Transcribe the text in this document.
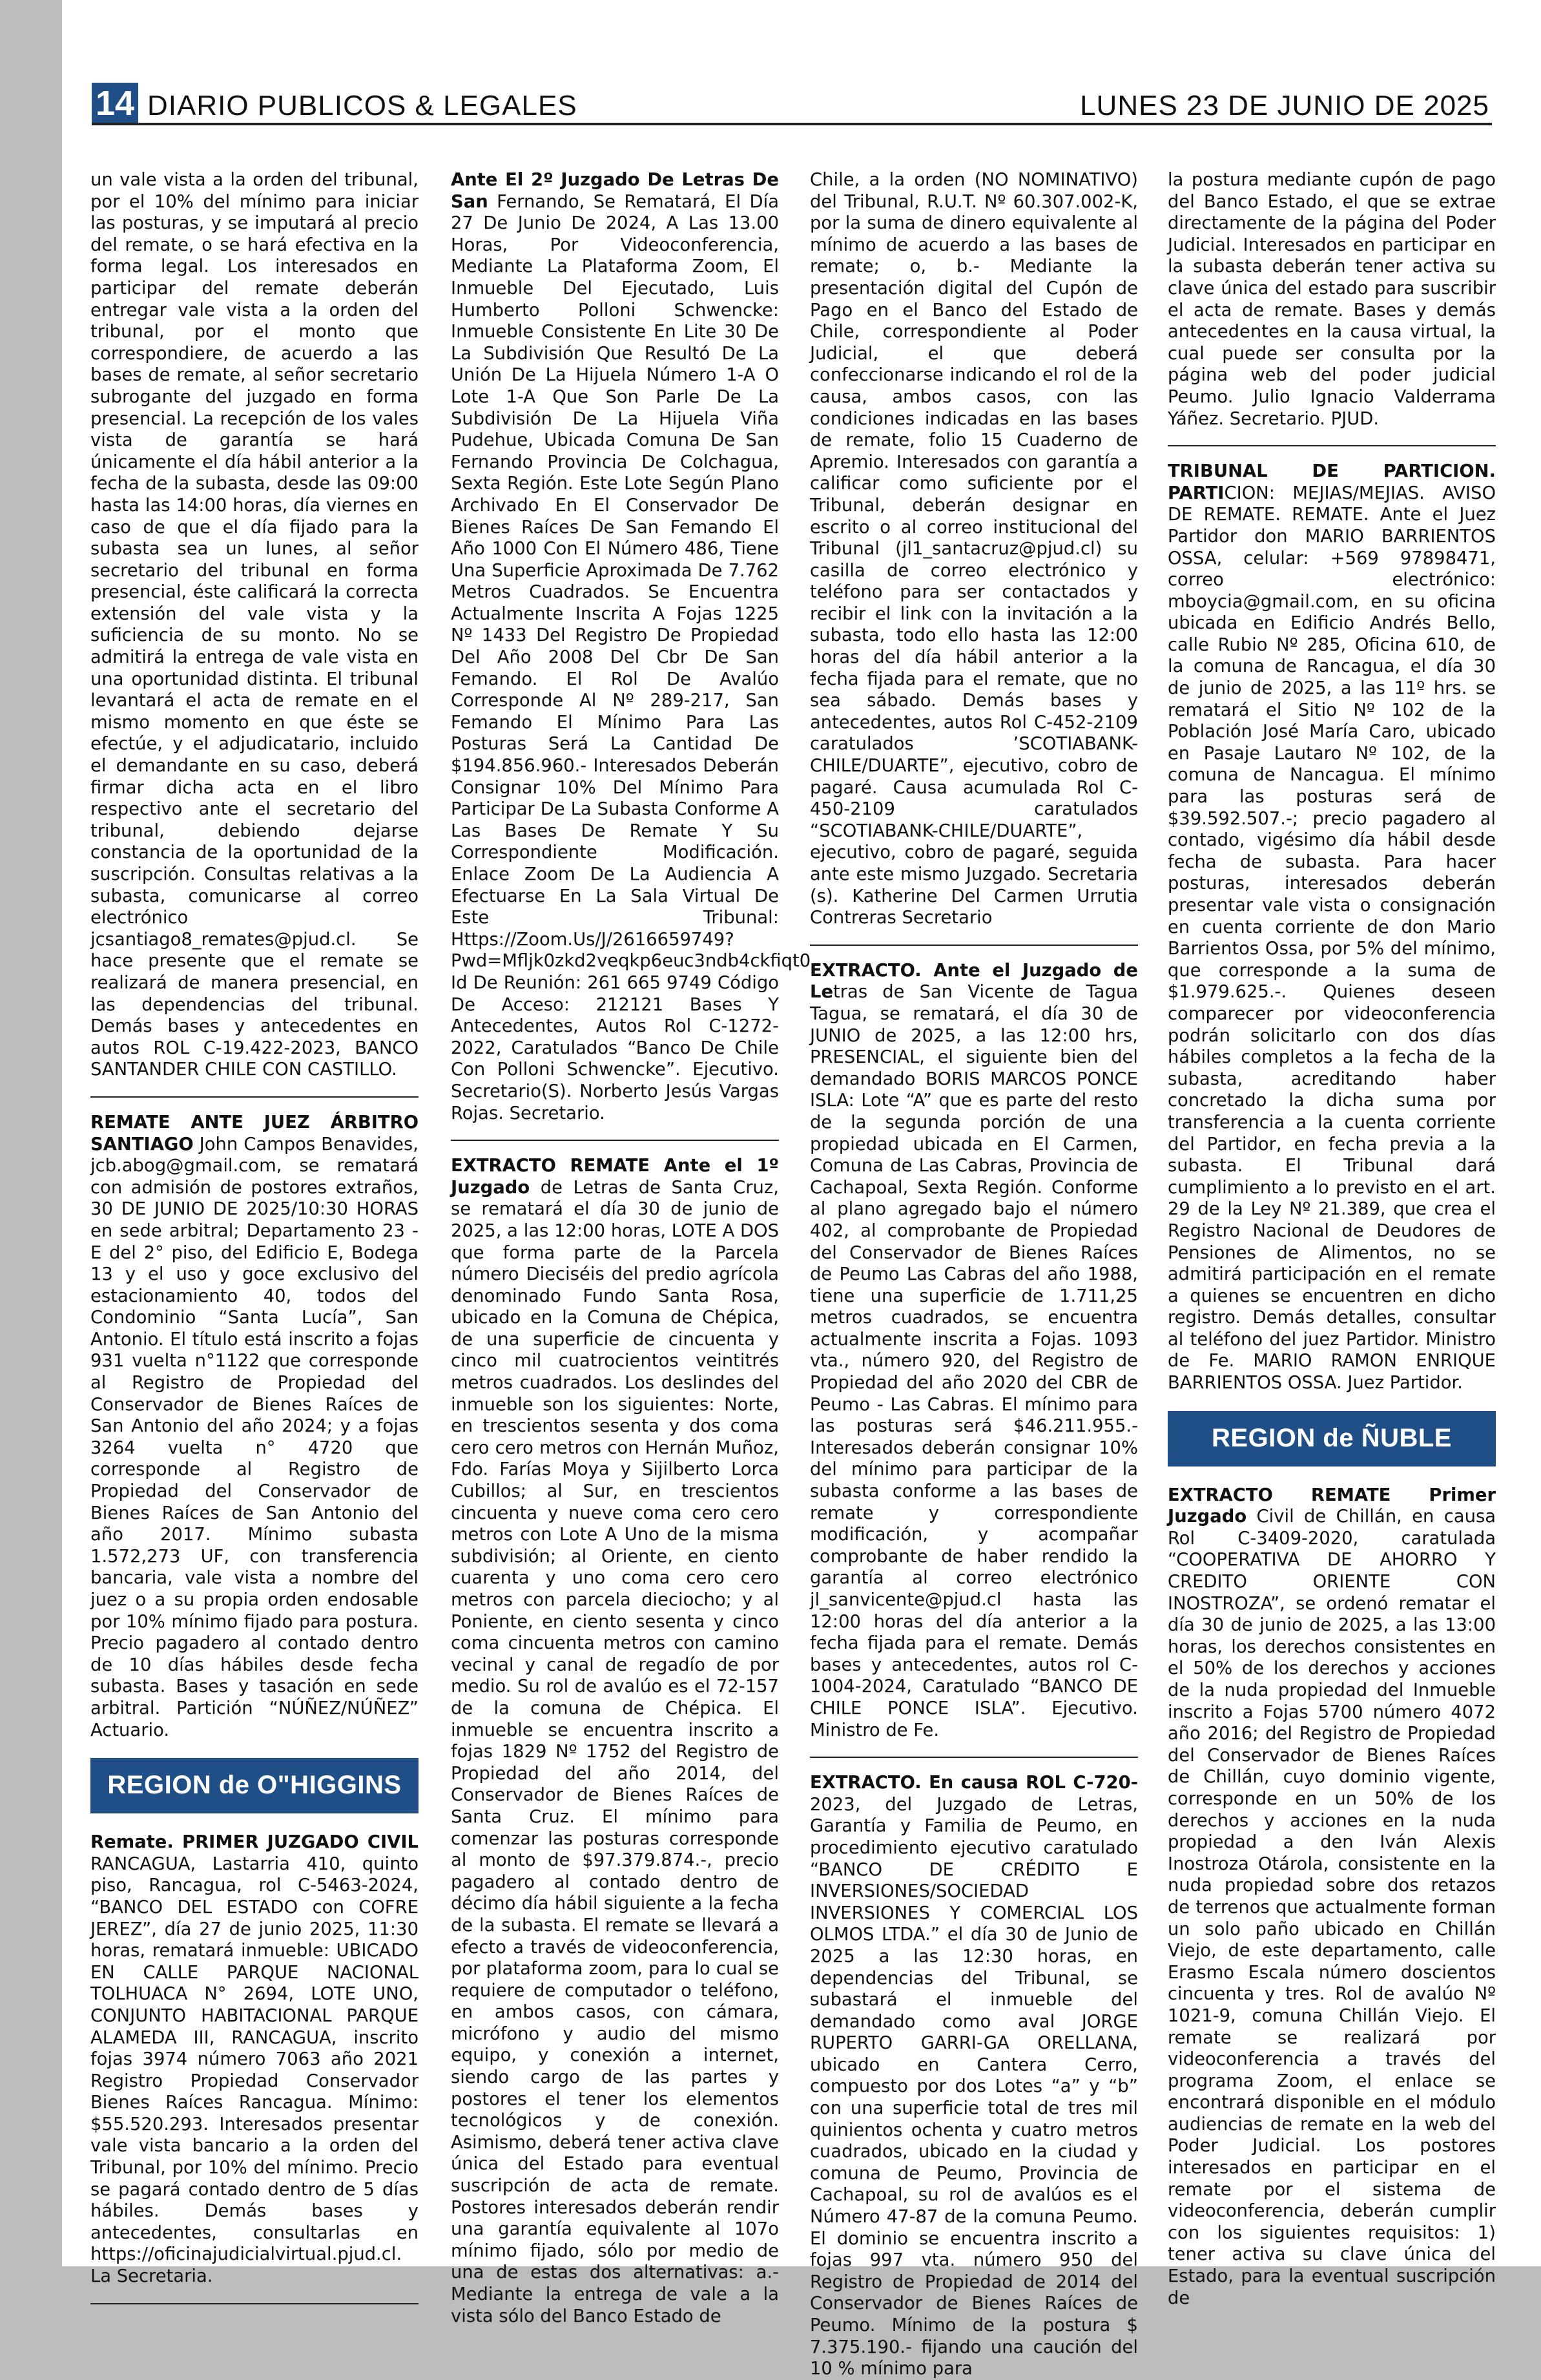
14 DIARIO PUBLICOS & LEGALES	LUNES 23 DE JUNIO DE 2025

un vale vista a la orden del tribunal, por el 10% del mínimo para iniciar las posturas, y se imputará al precio del remate, o se hará efectiva en la forma legal. Los interesados en participar del remate deberán entregar vale vista a la orden del tribunal, por el monto que correspondiere, de acuerdo a las bases de remate, al señor secretario subrogante del juzgado en forma presencial. La recepción de los vales vista de garantía se hará únicamente el día hábil anterior a la fecha de la subasta, desde las 09:00 hasta las 14:00 horas, día viernes en caso de que el día fijado para la subasta sea un lunes, al señor secretario del tribunal en forma presencial, éste calificará la correcta extensión del vale vista y la suficiencia de su monto. No se admitirá la entrega de vale vista en una oportunidad distinta. El tribunal levantará el acta de remate en el mismo momento en que éste se efectúe, y el adjudicatario, incluido el demandante en su caso, deberá firmar dicha acta en el libro respectivo ante el secretario del tribunal, debiendo dejarse constancia de la oportunidad de la suscripción. Consultas relativas a la subasta, comunicarse al correo electrónico jcsantiago8_remates@pjud.cl. Se hace presente que el remate se realizará de manera presencial, en las dependencias del tribunal. Demás bases y antecedentes en autos ROL C-19.422-2023, BANCO SANTANDER CHILE CON CASTILLO.

REMATE ANTE JUEZ ÁRBITRO SANTIAGO John Campos Benavides, jcb.abog@gmail.com, se rematará con admisión de postores extraños, 30 DE JUNIO DE 2025/10:30 HORAS en sede arbitral; Departamento 23 - E del 2° piso, del Edificio E, Bodega 13 y el uso y goce exclusivo del estacionamiento 40, todos del Condominio “Santa Lucía”, San Antonio. El título está inscrito a fojas 931 vuelta n°1122 que corresponde al Registro de Propiedad del Conservador de Bienes Raíces de San Antonio del año 2024; y a fojas 3264 vuelta n° 4720 que corresponde al Registro de Propiedad del Conservador de Bienes Raíces de San Antonio del año 2017. Mínimo subasta 1.572,273 UF, con transferencia bancaria, vale vista a nombre del juez o a su propia orden endosable por 10% mínimo fijado para postura. Precio pagadero al contado dentro de 10 días hábiles desde fecha subasta. Bases y tasación en sede arbitral. Partición “NÚÑEZ/NÚÑEZ” Actuario.

REGION de O"HIGGINS

Remate. PRIMER JUZGADO CIVIL RANCAGUA, Lastarria 410, quinto piso, Rancagua, rol C-5463-2024, “BANCO DEL ESTADO con COFRE JEREZ”, día 27 de junio 2025, 11:30 horas, rematará inmueble: UBICADO EN CALLE PARQUE NACIONAL TOLHUACA N° 2694, LOTE UNO, CONJUNTO HABITACIONAL PARQUE ALAMEDA III, RANCAGUA, inscrito fojas 3974 número 7063 año 2021 Registro Propiedad Conservador Bienes Raíces Rancagua. Mínimo: $55.520.293. Interesados presentar vale vista bancario a la orden del Tribunal, por 10% del mínimo. Precio se pagará contado dentro de 5 días hábiles. Demás bases y antecedentes, consultarlas en https://oficinajudicialvirtual.pjud.cl. La Secretaria.

Ante El 2º Juzgado De Letras De San Fernando, Se Rematará, El Día 27 De Junio De 2024, A Las 13.00 Horas, Por Videoconferencia, Mediante La Plataforma Zoom, El Inmueble Del Ejecutado, Luis Humberto Polloni Schwencke: Inmueble Consistente En Lite 30 De La Subdivisión Que Resultó De La Unión De La Hijuela Número 1-A O Lote 1-A Que Son Parle De La Subdivisión De La Hijuela Viña Pudehue, Ubicada Comuna De San Fernando Provincia De Colchagua, Sexta Región. Este Lote Según Plano Archivado En El Conservador De Bienes Raíces De San Femando El Año 1000 Con El Número 486, Tiene Una Superficie Aproximada De 7.762 Metros Cuadrados. Se Encuentra Actualmente Inscrita A Fojas 1225 Nº 1433 Del Registro De Propiedad Del Año 2008 Del Cbr De San Femando. El Rol De Avalúo Corresponde Al Nº 289-217, San Femando El Mínimo Para Las Posturas Será La Cantidad De $194.856.960.- Interesados Deberán Consignar 10% Del Mínimo Para Participar De La Subasta Conforme A Las Bases De Remate Y Su Correspondiente Modificación. Enlace Zoom De La Audiencia A Efectuarse En La Sala Virtual De Este Tribunal: Https://Zoom.Us/J/2616659749?Pwd=Mfljk0zkd2veqkp6euc3ndb4ckfiqt0 Id De Reunión: 261 665 9749 Código De Acceso: 212121 Bases Y Antecedentes, Autos Rol C-1272-2022, Caratulados “Banco De Chile Con Polloni Schwencke”. Ejecutivo. Secretario(S). Norberto Jesús Vargas Rojas. Secretario.

EXTRACTO REMATE Ante el 1º Juzgado de Letras de Santa Cruz, se rematará el día 30 de junio de 2025, a las 12:00 horas, LOTE A DOS que forma parte de la Parcela número Dieciséis del predio agrícola denominado Fundo Santa Rosa, ubicado en la Comuna de Chépica, de una superficie de cincuenta y cinco mil cuatrocientos veintitrés metros cuadrados. Los deslindes del inmueble son los siguientes: Norte, en trescientos sesenta y dos coma cero cero metros con Hernán Muñoz, Fdo. Farías Moya y Sijilberto Lorca Cubillos; al Sur, en trescientos cincuenta y nueve coma cero cero metros con Lote A Uno de la misma subdivisión; al Oriente, en ciento cuarenta y uno coma cero cero metros con parcela dieciocho; y al Poniente, en ciento sesenta y cinco coma cincuenta metros con camino vecinal y canal de regadío de por medio. Su rol de avalúo es el 72-157 de la comuna de Chépica. El inmueble se encuentra inscrito a fojas 1829 Nº 1752 del Registro de Propiedad del año 2014, del Conservador de Bienes Raíces de Santa Cruz. El mínimo para comenzar las posturas corresponde al monto de $97.379.874.-, precio pagadero al contado dentro de décimo día hábil siguiente a la fecha de la subasta. El remate se llevará a efecto a través de videoconferencia, por plataforma zoom, para lo cual se requiere de computador o teléfono, en ambos casos, con cámara, micrófono y audio del mismo equipo, y conexión a internet, siendo cargo de las partes y postores el tener los elementos tecnológicos y de conexión. Asimismo, deberá tener activa clave única del Estado para eventual suscripción de acta de remate. Postores interesados deberán rendir una garantía equivalente al 107o mínimo fijado, sólo por medio de una de estas dos alternativas: a.- Mediante la entrega de vale a la vista sólo del Banco Estado de

Chile, a la orden (NO NOMINATIVO) del Tribunal, R.U.T. Nº 60.307.002-K, por la suma de dinero equivalente al mínimo de acuerdo a las bases de remate; o, b.- Mediante la presentación digital del Cupón de Pago en el Banco del Estado de Chile, correspondiente al Poder Judicial, el que deberá confeccionarse indicando el rol de la causa, ambos casos, con las condiciones indicadas en las bases de remate, folio 15 Cuaderno de Apremio. Interesados con garantía a calificar como suficiente por el Tribunal, deberán designar en escrito o al correo institucional del Tribunal (jl1_santacruz@pjud.cl) su casilla de correo electrónico y teléfono para ser contactados y recibir el link con la invitación a la subasta, todo ello hasta las 12:00 horas del día hábil anterior a la fecha fijada para el remate, que no sea sábado. Demás bases y antecedentes, autos Rol C-452-2109 caratulados ’SCOTIABANK-CHILE/DUARTE”, ejecutivo, cobro de pagaré. Causa acumulada Rol C-450-2109 caratulados “SCOTIABANK-CHILE/DUARTE”, ejecutivo, cobro de pagaré, seguida ante este mismo Juzgado. Secretaria (s). Katherine Del Carmen Urrutia Contreras Secretario

EXTRACTO. Ante el Juzgado de Letras de San Vicente de Tagua Tagua, se rematará, el día 30 de JUNIO de 2025, a las 12:00 hrs, PRESENCIAL, el siguiente bien del demandado BORIS MARCOS PONCE ISLA: Lote “A” que es parte del resto de la segunda porción de una propiedad ubicada en El Carmen, Comuna de Las Cabras, Provincia de Cachapoal, Sexta Región. Conforme al plano agregado bajo el número 402, al comprobante de Propiedad del Conservador de Bienes Raíces de Peumo Las Cabras del año 1988, tiene una superficie de 1.711,25 metros cuadrados, se encuentra actualmente inscrita a Fojas. 1093 vta., número 920, del Registro de Propiedad del año 2020 del CBR de Peumo - Las Cabras. El mínimo para las posturas será $46.211.955.- Interesados deberán consignar 10% del mínimo para participar de la subasta conforme a las bases de remate y correspondiente modificación, y acompañar comprobante de haber rendido la garantía al correo electrónico jl_sanvicente@pjud.cl hasta las 12:00 horas del día anterior a la fecha fijada para el remate. Demás bases y antecedentes, autos rol C-1004-2024, Caratulado “BANCO DE CHILE PONCE ISLA”. Ejecutivo. Ministro de Fe.

EXTRACTO. En causa ROL C-720-2023, del Juzgado de Letras, Garantía y Familia de Peumo, en procedimiento ejecutivo caratulado “BANCO DE CRÉDITO E INVERSIONES/SOCIEDAD INVERSIONES Y COMERCIAL LOS OLMOS LTDA.” el día 30 de Junio de 2025 a las 12:30 horas, en dependencias del Tribunal, se subastará el inmueble del demandado como aval JORGE RUPERTO GARRI-GA ORELLANA, ubicado en Cantera Cerro, compuesto por dos Lotes “a” y “b” con una superficie total de tres mil quinientos ochenta y cuatro metros cuadrados, ubicado en la ciudad y comuna de Peumo, Provincia de Cachapoal, su rol de avalúos es el Número 47-87 de la comuna Peumo. El dominio se encuentra inscrito a fojas 997 vta. número 950 del Registro de Propiedad de 2014 del Conservador de Bienes Raíces de Peumo. Mínimo de la postura $ 7.375.190.- fijando una caución del 10 % mínimo para

la postura mediante cupón de pago del Banco Estado, el que se extrae directamente de la página del Poder Judicial. Interesados en participar en la subasta deberán tener activa su clave única del estado para suscribir el acta de remate. Bases y demás antecedentes en la causa virtual, la cual puede ser consulta por la página web del poder judicial Peumo. Julio Ignacio Valderrama Yáñez. Secretario. PJUD.

TRIBUNAL DE PARTICION. PARTICION: MEJIAS/MEJIAS. AVISO DE REMATE. REMATE. Ante el Juez Partidor don MARIO BARRIENTOS OSSA, celular: +569 97898471, correo electrónico: mboycia@gmail.com, en su oficina ubicada en Edificio Andrés Bello, calle Rubio Nº 285, Oficina 610, de la comuna de Rancagua, el día 30 de junio de 2025, a las 11º hrs. se rematará el Sitio Nº 102 de la Población José María Caro, ubicado en Pasaje Lautaro Nº 102, de la comuna de Nancagua. El mínimo para las posturas será de $39.592.507.-; precio pagadero al contado, vigésimo día hábil desde fecha de subasta. Para hacer posturas, interesados deberán presentar vale vista o consignación en cuenta corriente de don Mario Barrientos Ossa, por 5% del mínimo, que corresponde a la suma de $1.979.625.-. Quienes deseen comparecer por videoconferencia podrán solicitarlo con dos días hábiles completos a la fecha de la subasta, acreditando haber concretado la dicha suma por transferencia a la cuenta corriente del Partidor, en fecha previa a la subasta. El Tribunal dará cumplimiento a lo previsto en el art. 29 de la Ley Nº 21.389, que crea el Registro Nacional de Deudores de Pensiones de Alimentos, no se admitirá participación en el remate a quienes se encuentren en dicho registro. Demás detalles, consultar al teléfono del juez Partidor. Ministro de Fe. MARIO RAMON ENRIQUE BARRIENTOS OSSA. Juez Partidor.

REGION de ÑUBLE

EXTRACTO REMATE Primer Juzgado Civil de Chillán, en causa Rol C-3409-2020, caratulada “COOPERATIVA DE AHORRO Y CREDITO ORIENTE CON INOSTROZA”, se ordenó rematar el día 30 de junio de 2025, a las 13:00 horas, los derechos consistentes en el 50% de los derechos y acciones de la nuda propiedad del Inmueble inscrito a Fojas 5700 número 4072 año 2016; del Registro de Propiedad del Conservador de Bienes Raíces de Chillán, cuyo dominio vigente, corresponde en un 50% de los derechos y acciones en la nuda propiedad a den Iván Alexis Inostroza Otárola, consistente en la nuda propiedad sobre dos retazos de terrenos que actualmente forman un solo paño ubicado en Chillán Viejo, de este departamento, calle Erasmo Escala número doscientos cincuenta y tres. Rol de avalúo Nº 1021-9, comuna Chillán Viejo. El remate se realizará por videoconferencia a través del programa Zoom, el enlace se encontrará disponible en el módulo audiencias de remate en la web del Poder Judicial. Los postores interesados en participar en el remate por el sistema de videoconferencia, deberán cumplir con los siguientes requisitos: 1) tener activa su clave única del Estado, para la eventual suscripción de
